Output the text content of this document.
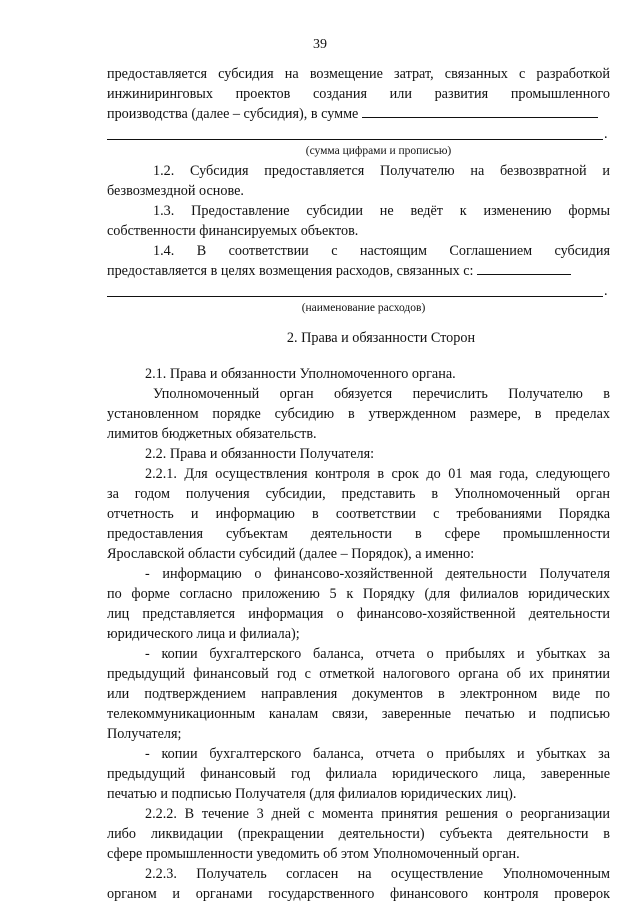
39
предоставляется субсидия на возмещение затрат, связанных с разработкой
инжиниринговых проектов создания или развития промышленного
производства (далее – субсидия), в сумме
.
(сумма цифрами и прописью)
1.2. Субсидия предоставляется Получателю на безвозвратной и
безвозмездной основе.
1.3. Предоставление субсидии не ведёт к изменению формы
собственности финансируемых объектов.
1.4. В соответствии с настоящим Соглашением субсидия
предоставляется в целях возмещения расходов, связанных с:
.
(наименование расходов)
2. Права и обязанности Сторон
2.1. Права и обязанности Уполномоченного органа.
Уполномоченный орган обязуется перечислить Получателю в
установленном порядке субсидию в утвержденном размере, в пределах
лимитов бюджетных обязательств.
2.2. Права и обязанности Получателя:
2.2.1. Для осуществления контроля в срок до 01 мая года, следующего
за годом получения субсидии, представить в Уполномоченный орган
отчетность и информацию в соответствии с требованиями Порядка
предоставления субъектам деятельности в сфере промышленности
Ярославской области субсидий (далее – Порядок), а именно:
- информацию о финансово-хозяйственной деятельности Получателя
по форме согласно приложению 5 к Порядку (для филиалов юридических
лиц представляется информация о финансово-хозяйственной деятельности
юридического лица и филиала);
- копии бухгалтерского баланса, отчета о прибылях и убытках за
предыдущий финансовый год с отметкой налогового органа об их принятии
или подтверждением направления документов в электронном виде по
телекоммуникационным каналам связи, заверенные печатью и подписью
Получателя;
- копии бухгалтерского баланса, отчета о прибылях и убытках за
предыдущий финансовый год филиала юридического лица, заверенные
печатью и подписью Получателя (для филиалов юридических лиц).
2.2.2. В течение 3 дней с момента принятия решения о реорганизации
либо ликвидации (прекращении деятельности) субъекта деятельности в
сфере промышленности уведомить об этом Уполномоченный орган.
2.2.3. Получатель согласен на осуществление Уполномоченным
органом и органами государственного финансового контроля проверок
